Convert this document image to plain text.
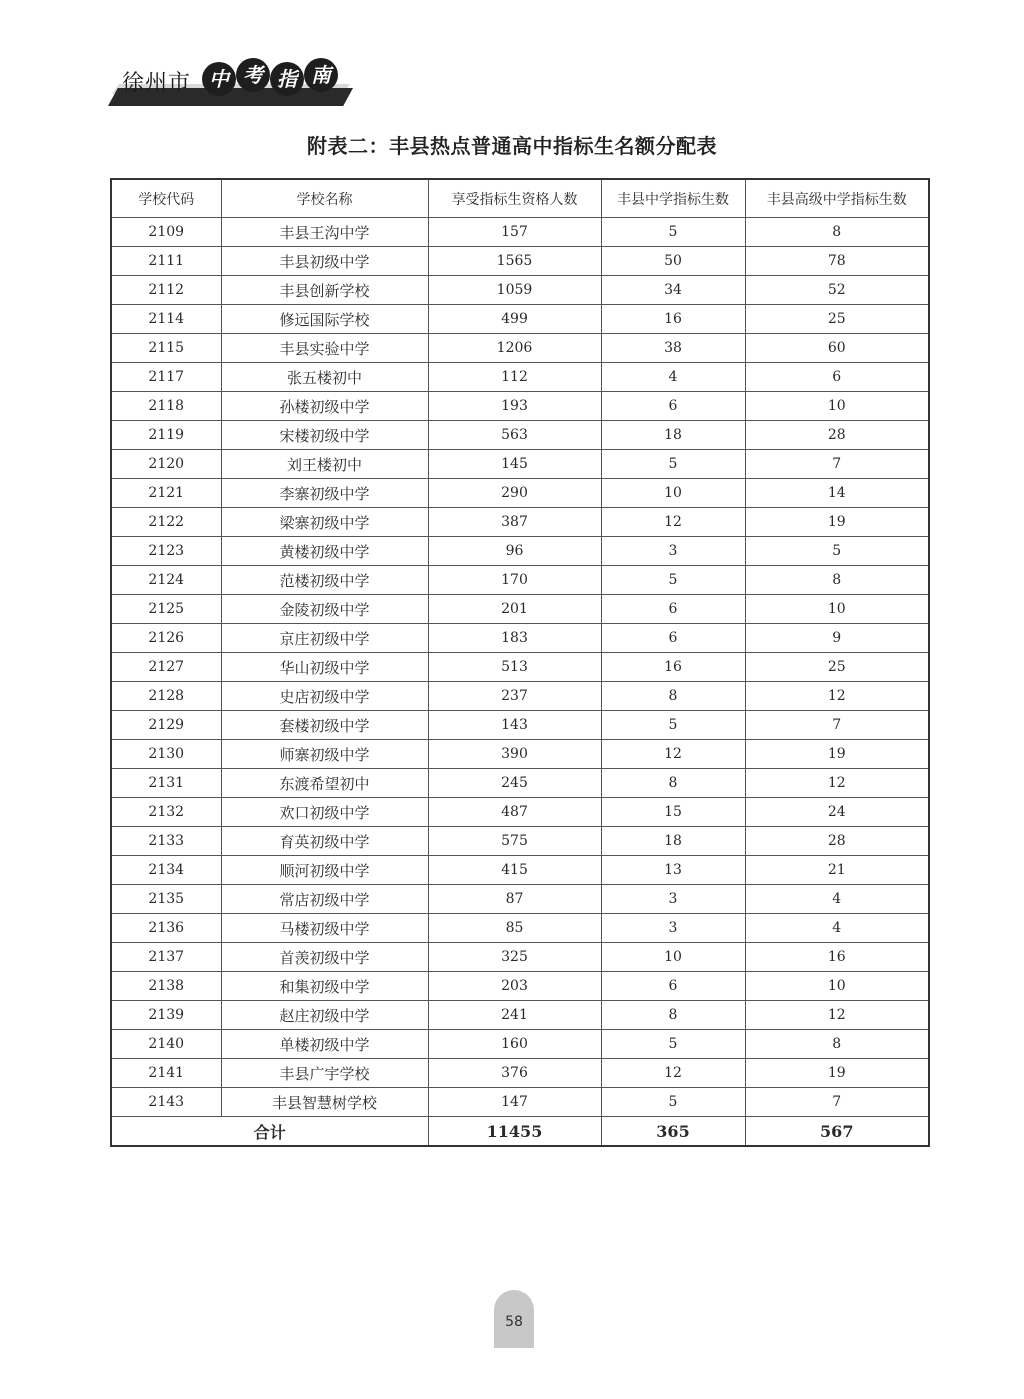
徐州市 中 考 指 南
附表二：丰县热点普通高中指标生名额分配表
学校代码	学校名称	享受指标生资格人数	丰县中学指标生数	丰县高级中学指标生数
2109	丰县王沟中学	157	5	8
2111	丰县初级中学	1565	50	78
2112	丰县创新学校	1059	34	52
2114	修远国际学校	499	16	25
2115	丰县实验中学	1206	38	60
2117	张五楼初中	112	4	6
2118	孙楼初级中学	193	6	10
2119	宋楼初级中学	563	18	28
2120	刘王楼初中	145	5	7
2121	李寨初级中学	290	10	14
2122	梁寨初级中学	387	12	19
2123	黄楼初级中学	96	3	5
2124	范楼初级中学	170	5	8
2125	金陵初级中学	201	6	10
2126	京庄初级中学	183	6	9
2127	华山初级中学	513	16	25
2128	史店初级中学	237	8	12
2129	套楼初级中学	143	5	7
2130	师寨初级中学	390	12	19
2131	东渡希望初中	245	8	12
2132	欢口初级中学	487	15	24
2133	育英初级中学	575	18	28
2134	顺河初级中学	415	13	21
2135	常店初级中学	87	3	4
2136	马楼初级中学	85	3	4
2137	首羡初级中学	325	10	16
2138	和集初级中学	203	6	10
2139	赵庄初级中学	241	8	12
2140	单楼初级中学	160	5	8
2141	丰县广宇学校	376	12	19
2143	丰县智慧树学校	147	5	7
合计		11455	365	567
58
